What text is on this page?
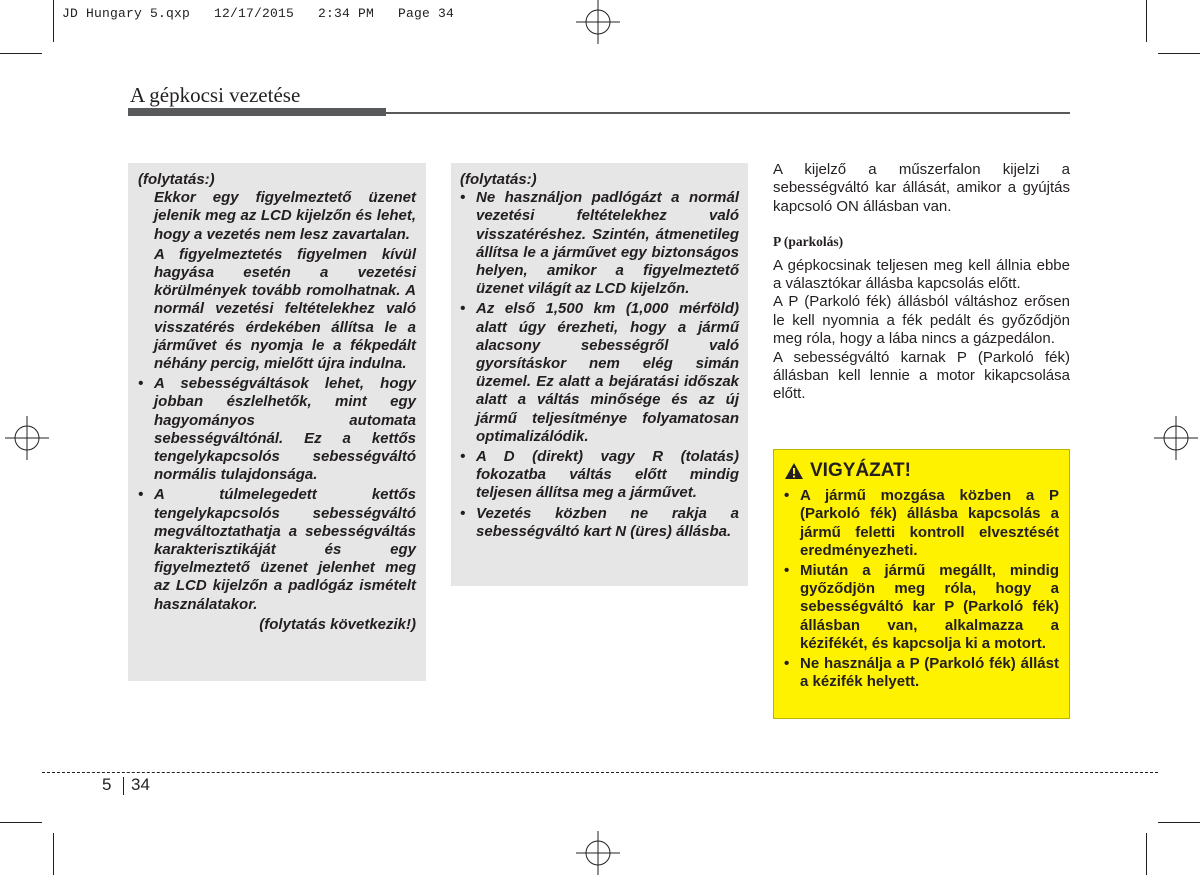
JD Hungary 5.qxp   12/17/2015   2:34 PM   Page 34
A gépkocsi vezetése

(folytatás:)

Ekkor egy figyelmeztető üzenet jelenik meg az LCD kijelzőn és lehet, hogy a vezetés nem lesz zavartalan.

A figyelmeztetés figyelmen kívül hagyása esetén a vezetési körülmények tovább romolhatnak. A normál vezetési feltételekhez való visszatérés érdekében állítsa le a járművet és nyomja le a fékpedált néhány percig, mielőtt újra indulna.

• A sebességváltások lehet, hogy jobban észlelhetők, mint egy hagyományos automata sebességváltónál. Ez a kettős tengelykapcsolós sebességváltó normális tulajdonsága.

• A túlmelegedett kettős tengelykapcsolós sebességváltó megváltoztathatja a sebességváltás karakterisztikáját és egy figyelmeztető üzenet jelenhet meg az LCD kijelzőn a padlógáz ismételt használatakor.

(folytatás következik!)

(folytatás:)

• Ne használjon padlógázt a normál vezetési feltételekhez való visszatéréshez. Szintén, átmenetileg állítsa le a járművet egy biztonságos helyen, amikor a figyelmeztető üzenet világít az LCD kijelzőn.

• Az első 1,500 km (1,000 mérföld) alatt úgy érezheti, hogy a jármű alacsony sebességről való gyorsításkor nem elég simán üzemel. Ez alatt a bejáratási időszak alatt a váltás minősége és az új jármű teljesítménye folyamatosan optimalizálódik.

• A D (direkt) vagy R (tolatás) fokozatba váltás előtt mindig teljesen állítsa meg a járművet.

• Vezetés közben ne rakja a sebességváltó kart N (üres) állásba.

A kijelző a műszerfalon kijelzi a sebességváltó kar állását, amikor a gyújtás kapcsoló ON állásban van.

P (parkolás)

A gépkocsinak teljesen meg kell állnia ebbe a választókar állásba kapcsolás előtt.

A P (Parkoló fék) állásból váltáshoz erősen le kell nyomnia a fék pedált és győződjön meg róla, hogy a lába nincs a gázpedálon.

A sebességváltó karnak P (Parkoló fék) állásban kell lennie a motor kikapcsolása előtt.

VIGYÁZAT!

• A jármű mozgása közben a P (Parkoló fék) állásba kapcsolás a jármű feletti kontroll elvesztését eredményezheti.

• Miután a jármű megállt, mindig győződjön meg róla, hogy a sebességváltó kar P (Parkoló fék) állásban van, alkalmazza a kézifékét, és kapcsolja ki a motort.

• Ne használja a P (Parkoló fék) állást a kézifék helyett.

5 34
